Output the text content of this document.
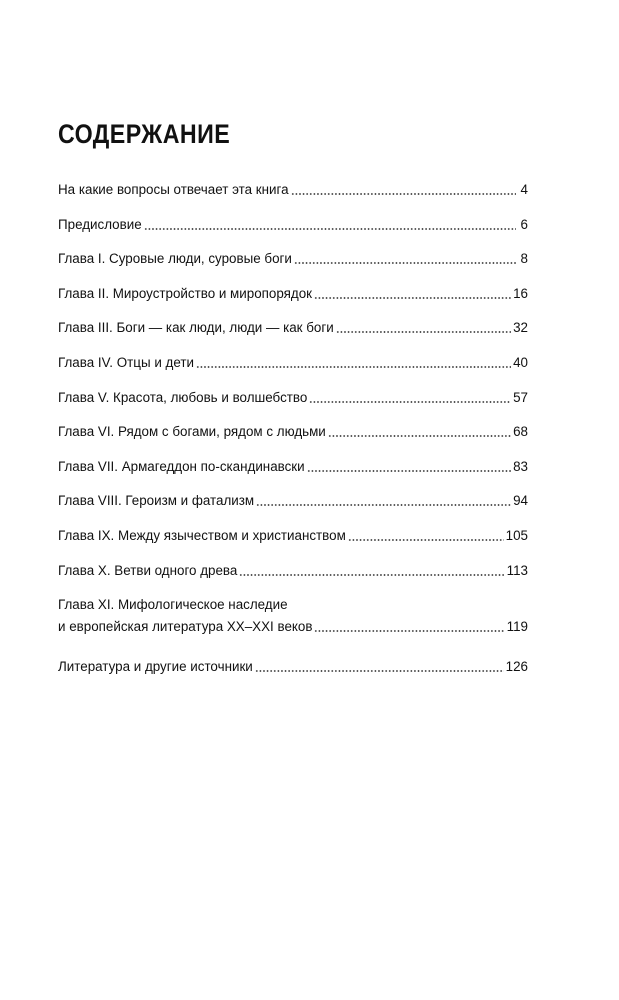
СОДЕРЖАНИЕ
На какие вопросы отвечает эта книга	4
Предисловие	6
Глава I. Суровые люди, суровые боги	8
Глава II. Мироустройство и миропорядок	16
Глава III. Боги — как люди, люди — как боги	32
Глава IV. Отцы и дети	40
Глава V. Красота, любовь и волшебство	57
Глава VI. Рядом с богами, рядом с людьми	68
Глава VII. Армагеддон по-скандинавски	83
Глава VIII. Героизм и фатализм	94
Глава IX. Между язычеством и христианством	105
Глава X. Ветви одного древа	113
Глава XI. Мифологическое наследие
и европейская литература XX–XXI веков	119
Литература и другие источники	126
